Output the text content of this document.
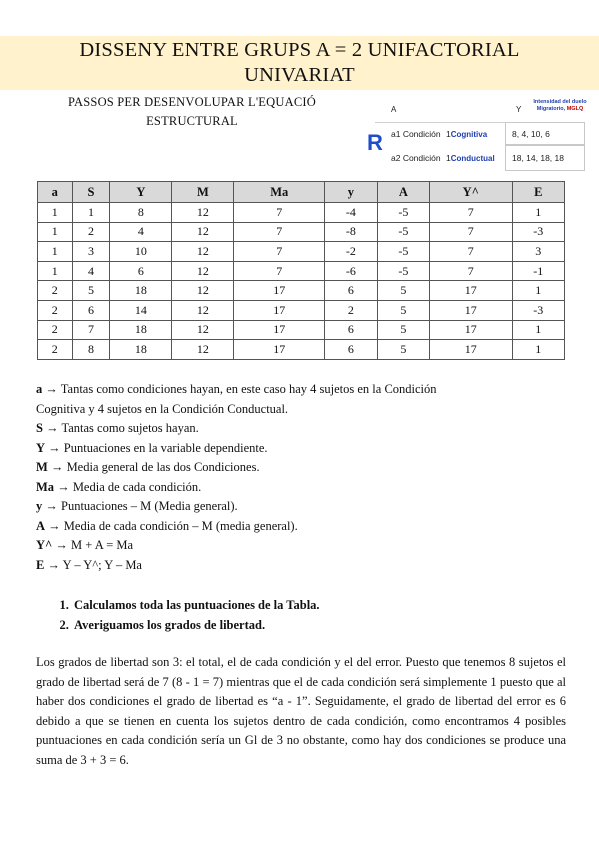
DISSENY ENTRE GRUPS A = 2 UNIFACTORIAL
UNIVARIAT
PASSOS PER DESENVOLUPAR L'EQUACIÓ
ESTRUCTURAL
A	Y
Intensidad del duelo
Migratorio, MGLQ
R a1 Condición 1Cognitiva	8, 4, 10, 6
a2 Condición 1Conductual	18, 14, 18, 18
a	S	Y	M	Ma	y	A	Y^	E
1	1	8	12	7	-4	-5	7	1
1	2	4	12	7	-8	-5	7	-3
1	3	10	12	7	-2	-5	7	3
1	4	6	12	7	-6	-5	7	-1
2	5	18	12	17	6	5	17	1
2	6	14	12	17	2	5	17	-3
2	7	18	12	17	6	5	17	1
2	8	18	12	17	6	5	17	1
a → Tantas como condiciones hayan, en este caso hay 4 sujetos en la Condición
Cognitiva y 4 sujetos en la Condición Conductual.
S → Tantas como sujetos hayan.
Y → Puntuaciones en la variable dependiente.
M → Media general de las dos Condiciones.
Ma → Media de cada condición.
y → Puntuaciones – M (Media general).
A → Media de cada condición – M (media general).
Y^ → M + A = Ma
E → Y – Y^; Y – Ma
1. Calculamos toda las puntuaciones de la Tabla.
2. Averiguamos los grados de libertad.
Los grados de libertad son 3: el total, el de cada condición y el del error. Puesto que tenemos 8 sujetos el grado de libertad será de 7 (8 - 1 = 7) mientras que el de cada condición será simplemente 1 puesto que al haber dos condiciones el grado de libertad es “a - 1”. Seguidamente, el grado de libertad del error es 6 debido a que se tienen en cuenta los sujetos dentro de cada condición, como encontramos 4 posibles puntuaciones en cada condición sería un Gl de 3 no obstante, como hay dos condiciones se produce una suma de 3 + 3 = 6.
